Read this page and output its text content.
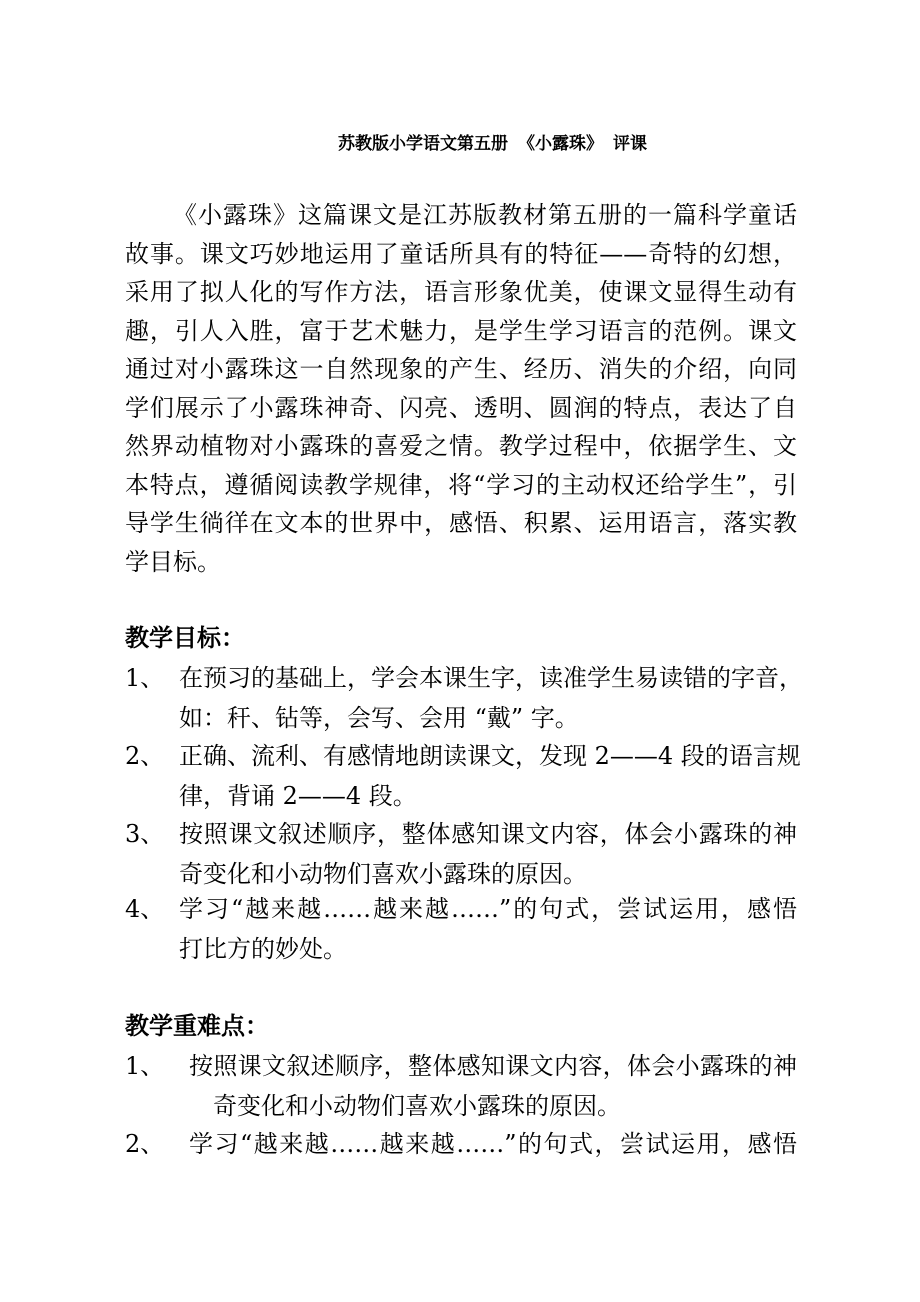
苏教版小学语文第五册 《小露珠》 评课
《小露珠》这篇课文是江苏版教材第五册的一篇科学童话
故事。课文巧妙地运用了童话所具有的特征——奇特的幻想，
采用了拟人化的写作方法，语言形象优美，使课文显得生动有
趣，引人入胜，富于艺术魅力，是学生学习语言的范例。课文
通过对小露珠这一自然现象的产生、经历、消失的介绍，向同
学们展示了小露珠神奇、闪亮、透明、圆润的特点，表达了自
然界动植物对小露珠的喜爱之情。教学过程中，依据学生、文
本特点，遵循阅读教学规律，将“学习的主动权还给学生”，引
导学生徜徉在文本的世界中，感悟、积累、运用语言，落实教
学目标。
教学目标：
1、 在预习的基础上，学会本课生字，读准学生易读错的字音，
如：秆、钻等，会写、会用 “戴” 字。
2、 正确、流利、有感情地朗读课文，发现 2——4 段的语言规
律，背诵 2——4 段。
3、 按照课文叙述顺序，整体感知课文内容，体会小露珠的神
奇变化和小动物们喜欢小露珠的原因。
4、 学习“越来越……越来越……”的句式，尝试运用，感悟
打比方的妙处。
教学重难点：
1、 按照课文叙述顺序，整体感知课文内容，体会小露珠的神
奇变化和小动物们喜欢小露珠的原因。
2、 学习“越来越……越来越……”的句式，尝试运用，感悟
